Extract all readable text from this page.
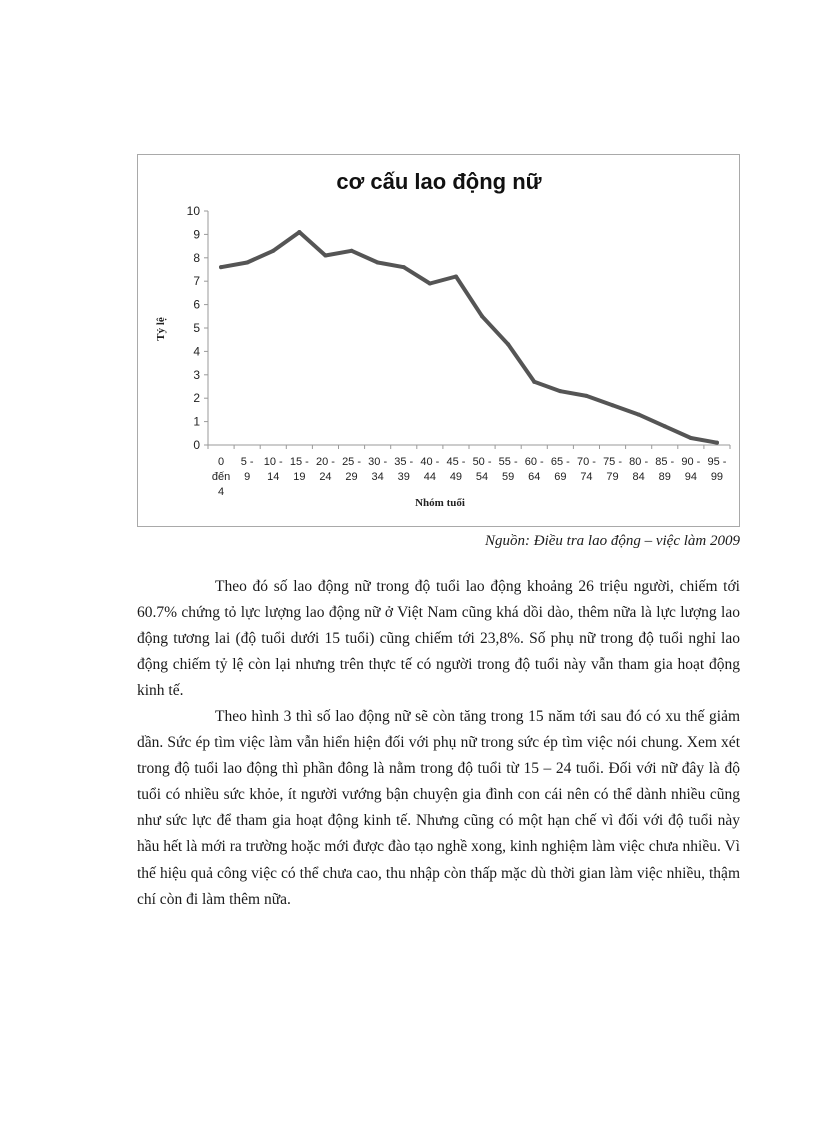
cơ cấu lao động nữ
Tỷ lệ
Nhóm tuổi
0
1
2
3
4
5
6
7
8
9
10
0 đến 4
5 -9
10 -14
15 -19
20 -24
25 -29
30 -34
35 -39
40 -44
45 -49
50 -54
55 -59
60 -64
65 -69
70 -74
75 -79
80 -84
85 -89
90 -94
95 -99
Nguồn: Điều tra lao động – việc làm 2009

Theo đó số lao động nữ trong độ tuổi lao động khoảng 26 triệu người, chiếm tới 60.7% chứng tỏ lực lượng lao động nữ ở Việt Nam cũng khá dồi dào, thêm nữa là lực lượng lao động tương lai (độ tuổi dưới 15 tuổi) cũng chiếm tới 23,8%. Số phụ nữ trong độ tuổi nghỉ lao động chiếm tỷ lệ còn lại nhưng trên thực tế có người trong độ tuổi này vẫn tham gia hoạt động kinh tế.

Theo hình 3 thì số lao động nữ sẽ còn tăng trong 15 năm tới sau đó có xu thế giảm dần. Sức ép tìm việc làm vẫn hiển hiện đối với phụ nữ trong sức ép tìm việc nói chung. Xem xét trong độ tuổi lao động thì phần đông là nằm trong độ tuổi từ 15 – 24 tuổi. Đối với nữ đây là độ tuổi có nhiều sức khỏe, ít người vướng bận chuyện gia đình con cái nên có thể dành nhiều cũng như sức lực để tham gia hoạt động kinh tế. Nhưng cũng có một hạn chế vì đối với độ tuổi này hầu hết là mới ra trường hoặc mới được đào tạo nghề xong, kinh nghiệm làm việc chưa nhiều. Vì thế hiệu quả công việc có thể chưa cao, thu nhập còn thấp mặc dù thời gian làm việc nhiều, thậm chí còn đi làm thêm nữa.
